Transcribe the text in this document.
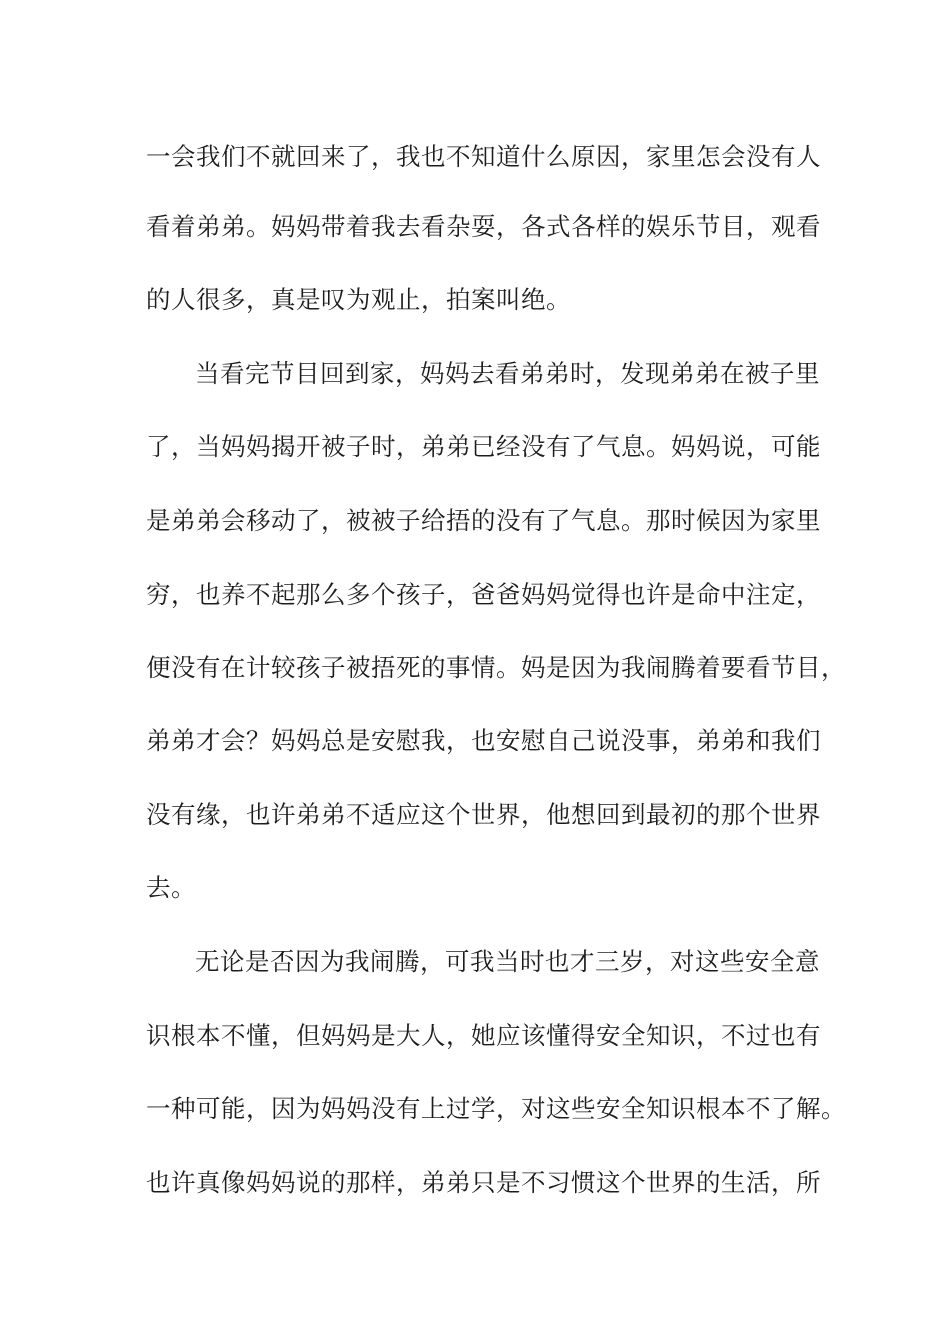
一会我们不就回来了，我也不知道什么原因，家里怎会没有人
看着弟弟。妈妈带着我去看杂耍，各式各样的娱乐节目，观看
的人很多，真是叹为观止，拍案叫绝。
当看完节目回到家，妈妈去看弟弟时，发现弟弟在被子里
了，当妈妈揭开被子时，弟弟已经没有了气息。妈妈说，可能
是弟弟会移动了，被被子给捂的没有了气息。那时候因为家里
穷，也养不起那么多个孩子，爸爸妈妈觉得也许是命中注定，
便没有在计较孩子被捂死的事情。妈是因为我闹腾着要看节目，
弟弟才会？妈妈总是安慰我，也安慰自己说没事，弟弟和我们
没有缘，也许弟弟不适应这个世界，他想回到最初的那个世界
去。
无论是否因为我闹腾，可我当时也才三岁，对这些安全意
识根本不懂，但妈妈是大人，她应该懂得安全知识，不过也有
一种可能，因为妈妈没有上过学，对这些安全知识根本不了解。
也许真像妈妈说的那样，弟弟只是不习惯这个世界的生活，所
